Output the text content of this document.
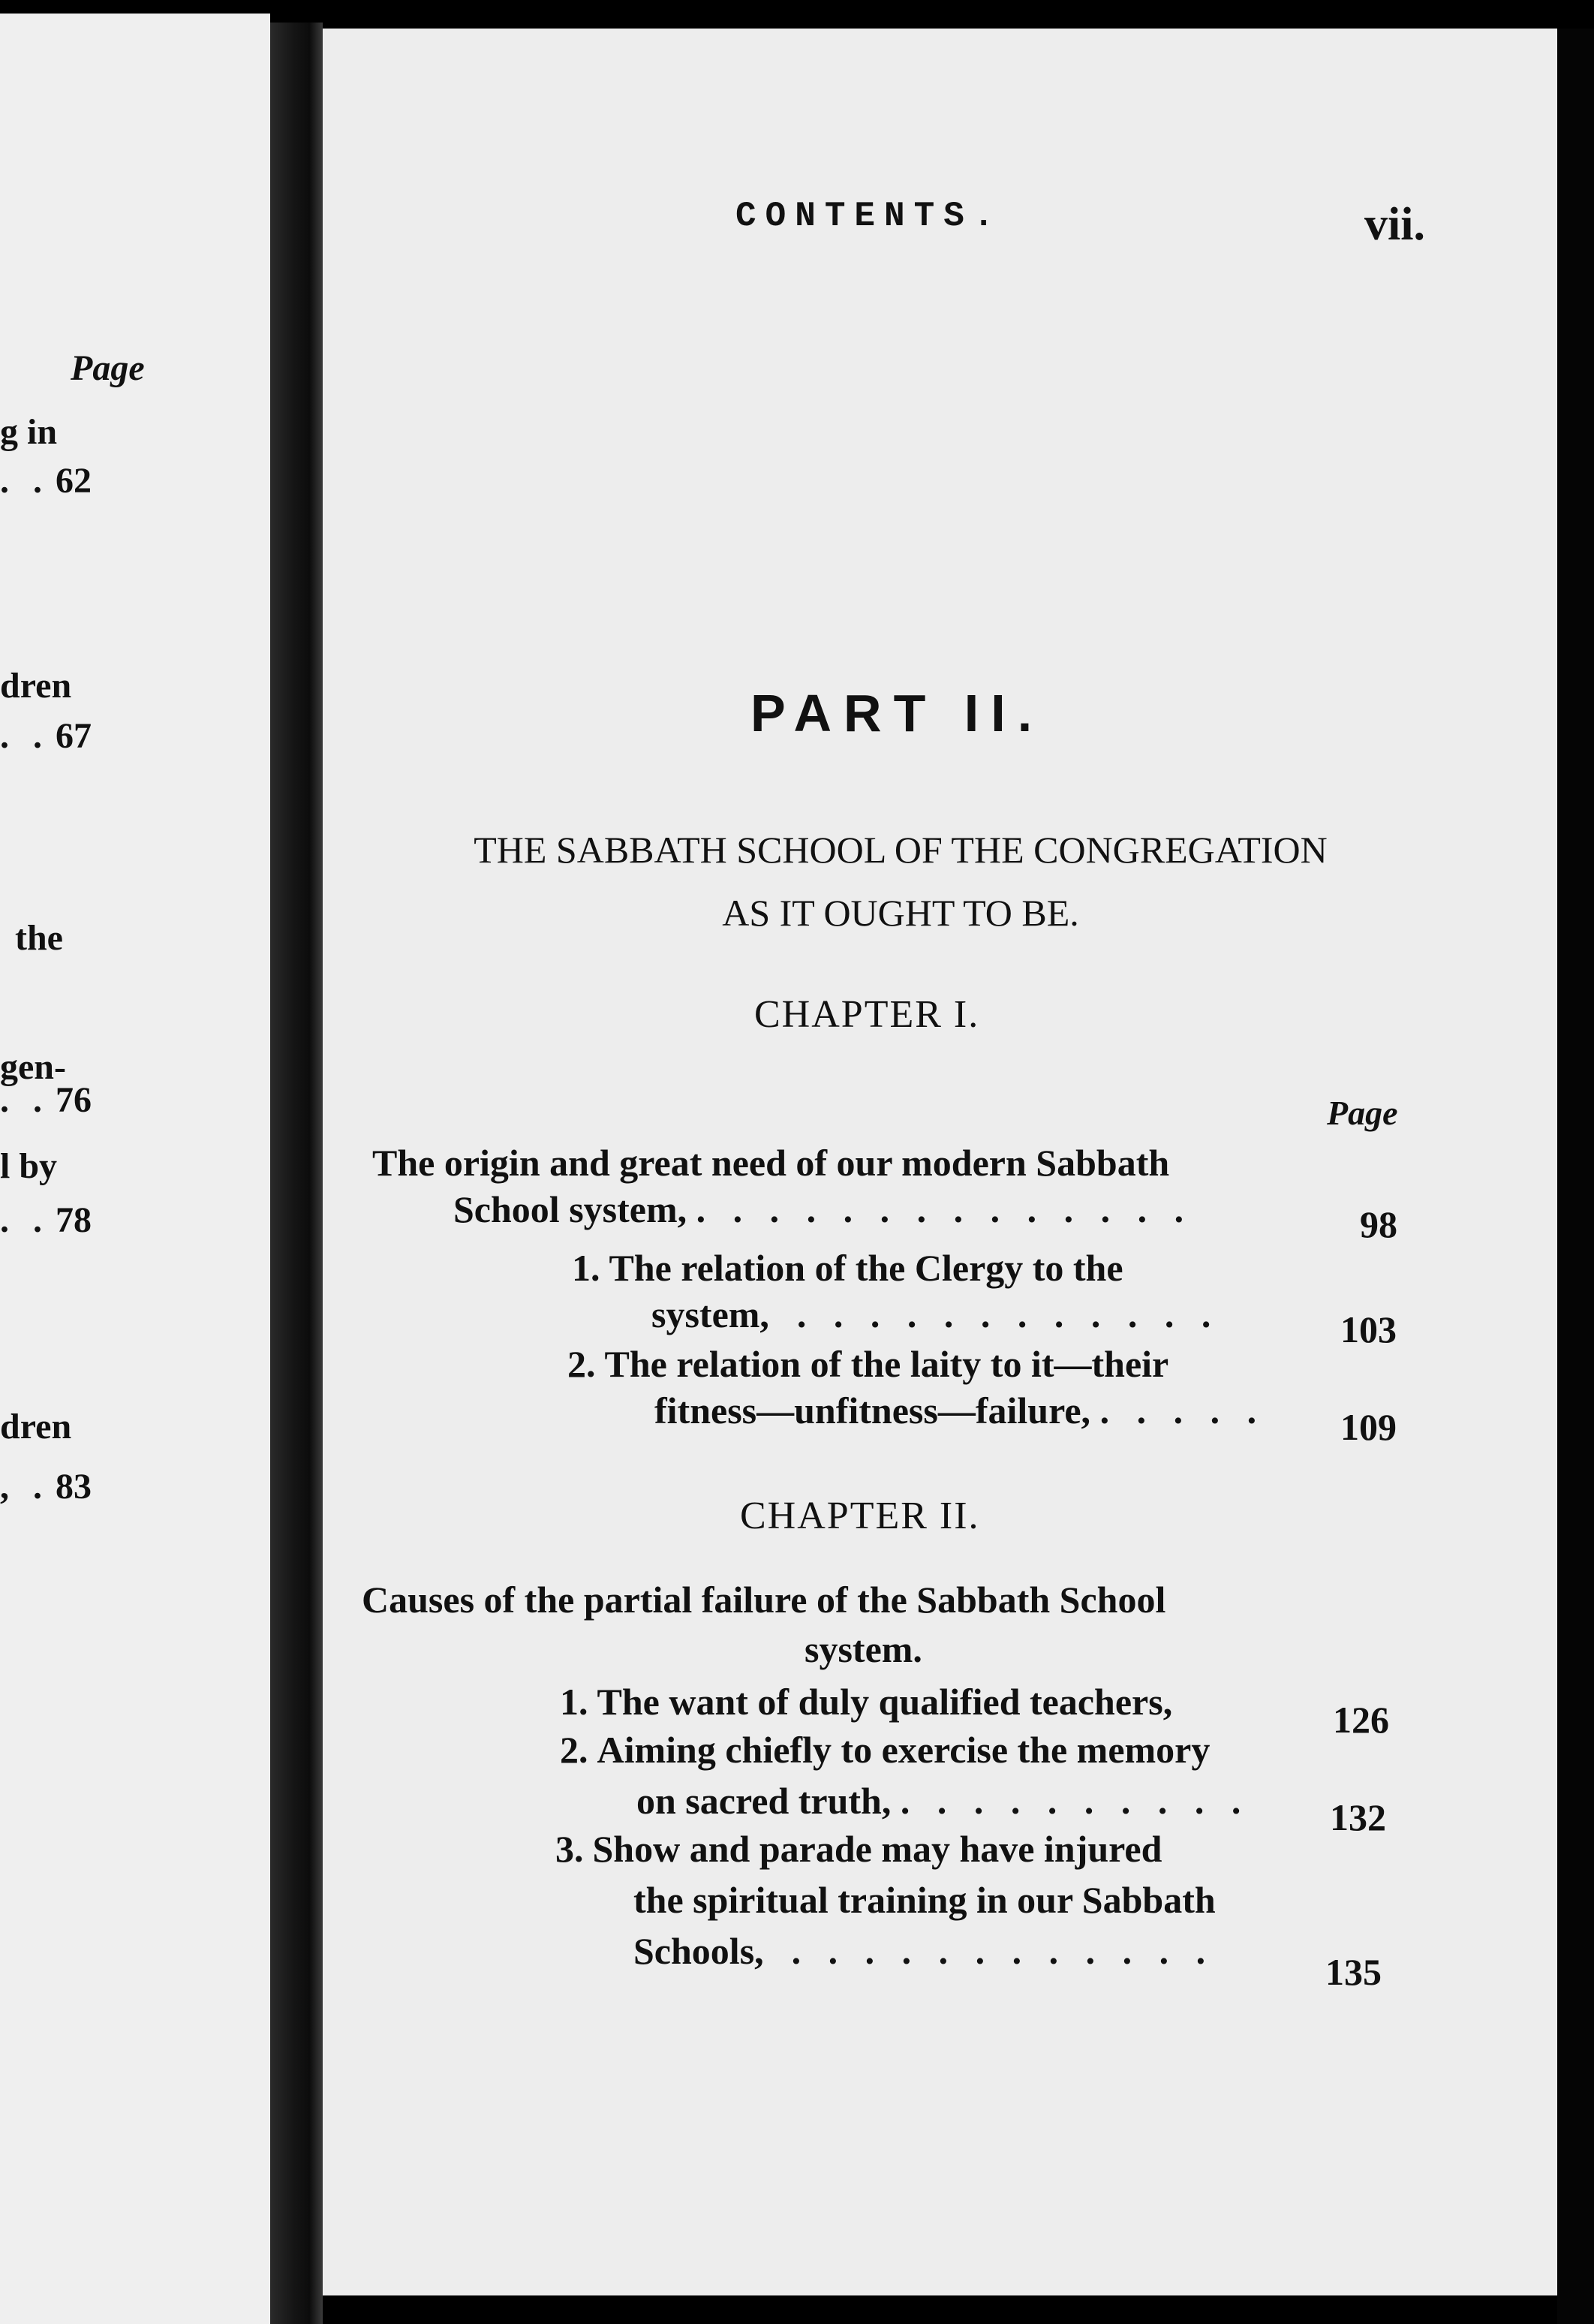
Page
g in
. . 62
dren
. . 67
the
gen-
. . 76
l by
. . 78
dren
, . 83
CONTENTS.	vii.
PART II.
THE SABBATH SCHOOL OF THE CONGREGATION
AS IT OUGHT TO BE.
CHAPTER I.
Page
The origin and great need of our modern Sabbath
School system, . . . . . . . . . . . . . .	98
1. The relation of the Clergy to the
system,  . . . . . . . . . . . .	103
2. The relation of the laity to it—their
fitness—unfitness—failure, . . . . . 109
CHAPTER II.
Causes of the partial failure of the Sabbath School
system.
1. The want of duly qualified teachers,	126
2. Aiming chiefly to exercise the memory
on sacred truth, . . . . . . . . . . 132
3. Show and parade may have injured
the spiritual training in our Sabbath
Schools,  . . . . . . . . . . . .	135
